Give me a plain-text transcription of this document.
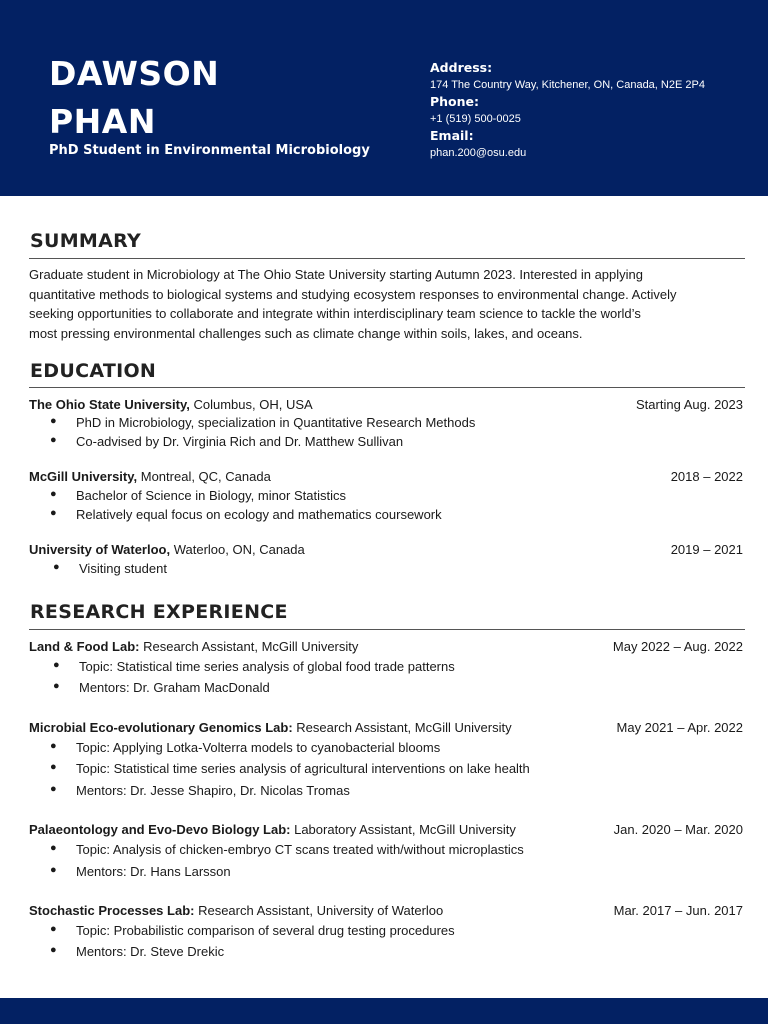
DAWSON
PHAN
PhD Student in Environmental Microbiology
Address:
174 The Country Way, Kitchener, ON, Canada, N2E 2P4
Phone:
+1 (519) 500-0025
Email:
phan.200@osu.edu
SUMMARY
Graduate student in Microbiology at The Ohio State University starting Autumn 2023. Interested in applying
quantitative methods to biological systems and studying ecosystem responses to environmental change. Actively
seeking opportunities to collaborate and integrate within interdisciplinary team science to tackle the world’s
most pressing environmental challenges such as climate change within soils, lakes, and oceans.
EDUCATION
The Ohio State University, Columbus, OH, USA	Starting Aug. 2023
●	PhD in Microbiology, specialization in Quantitative Research Methods
●	Co-advised by Dr. Virginia Rich and Dr. Matthew Sullivan
McGill University, Montreal, QC, Canada	2018 – 2022
●	Bachelor of Science in Biology, minor Statistics
●	Relatively equal focus on ecology and mathematics coursework
University of Waterloo, Waterloo, ON, Canada	2019 – 2021
●	Visiting student
RESEARCH EXPERIENCE
Land & Food Lab: Research Assistant, McGill University	May 2022 – Aug. 2022
●	Topic: Statistical time series analysis of global food trade patterns
●	Mentors: Dr. Graham MacDonald
Microbial Eco-evolutionary Genomics Lab: Research Assistant, McGill University	May 2021 – Apr. 2022
●	Topic: Applying Lotka-Volterra models to cyanobacterial blooms
●	Topic: Statistical time series analysis of agricultural interventions on lake health
●	Mentors: Dr. Jesse Shapiro, Dr. Nicolas Tromas
Palaeontology and Evo-Devo Biology Lab: Laboratory Assistant, McGill University	Jan. 2020 – Mar. 2020
●	Topic: Analysis of chicken-embryo CT scans treated with/without microplastics
●	Mentors: Dr. Hans Larsson
Stochastic Processes Lab: Research Assistant, University of Waterloo	Mar. 2017 – Jun. 2017
●	Topic: Probabilistic comparison of several drug testing procedures
●	Mentors: Dr. Steve Drekic
